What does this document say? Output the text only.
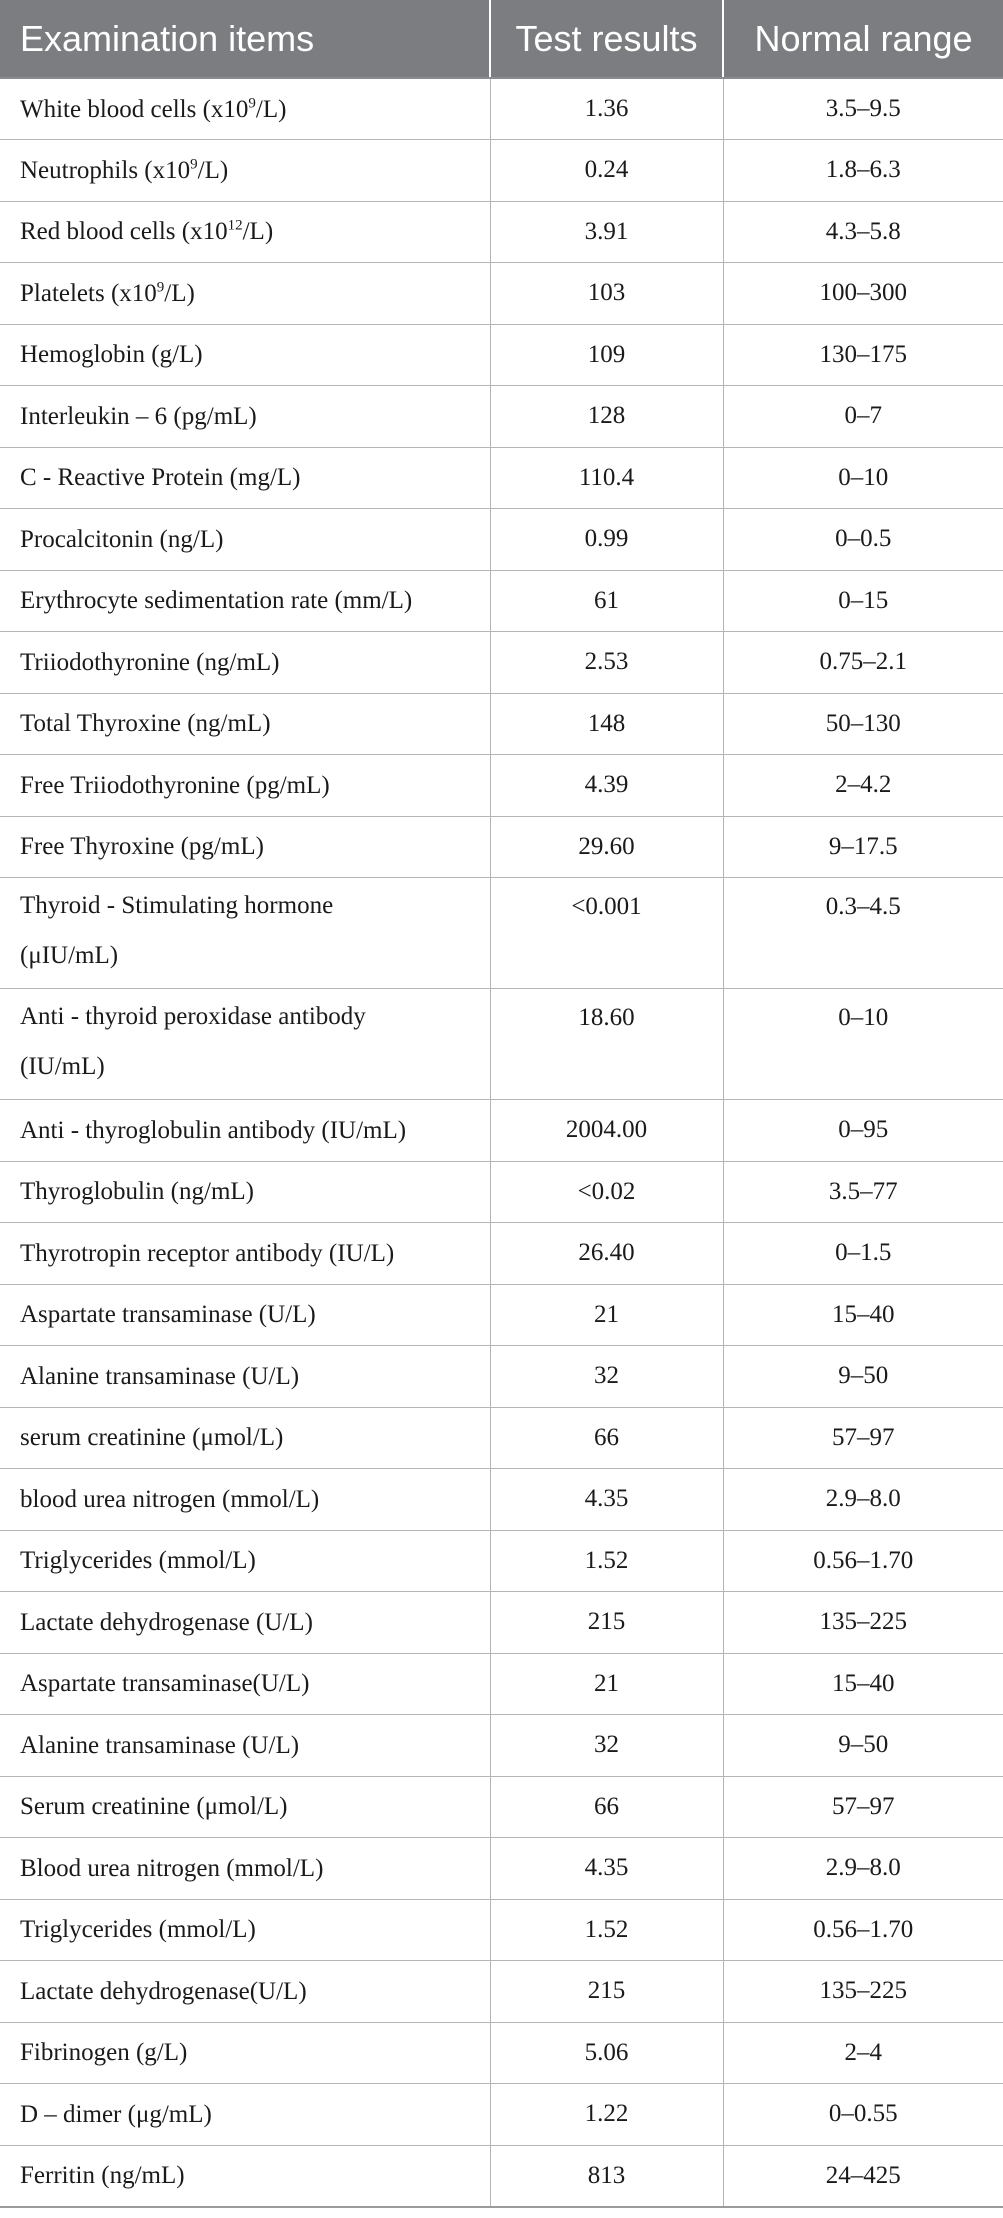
Examination items	Test results	Normal range
White blood cells $(x10^9/L)$	1.36	3.5–9.5
Neutrophils $(x10^9/L)$	0.24	1.8–6.3
Red blood cells $(x10^{12}/L)$	3.91	4.3–5.8
Platelets $(x10^9/L)$	103	100–300
Hemoglobin (g/L)	109	130–175
Interleukin – 6 (pg/mL)	128	0–7
C - Reactive Protein (mg/L)	110.4	0–10
Procalcitonin (ng/L)	0.99	0–0.5
Erythrocyte sedimentation rate (mm/L)	61	0–15
Triiodothyronine (ng/mL)	2.53	0.75–2.1
Total Thyroxine (ng/mL)	148	50–130
Free Triiodothyronine (pg/mL)	4.39	2–4.2
Free Thyroxine (pg/mL)	29.60	9–17.5
Thyroid - Stimulating hormone
(μIU/mL)	<0.001	0.3–4.5
Anti - thyroid peroxidase antibody
(IU/mL)	18.60	0–10
Anti - thyroglobulin antibody (IU/mL)	2004.00	0–95
Thyroglobulin (ng/mL)	<0.02	3.5–77
Thyrotropin receptor antibody (IU/L)	26.40	0–1.5
Aspartate transaminase (U/L)	21	15–40
Alanine transaminase (U/L)	32	9–50
serum creatinine (μmol/L)	66	57–97
blood urea nitrogen (mmol/L)	4.35	2.9–8.0
Triglycerides (mmol/L)	1.52	0.56–1.70
Lactate dehydrogenase (U/L)	215	135–225
Aspartate transaminase(U/L)	21	15–40
Alanine transaminase (U/L)	32	9–50
Serum creatinine (μmol/L)	66	57–97
Blood urea nitrogen (mmol/L)	4.35	2.9–8.0
Triglycerides (mmol/L)	1.52	0.56–1.70
Lactate dehydrogenase(U/L)	215	135–225
Fibrinogen (g/L)	5.06	2–4
D – dimer (μg/mL)	1.22	0–0.55
Ferritin (ng/mL)	813	24–425
